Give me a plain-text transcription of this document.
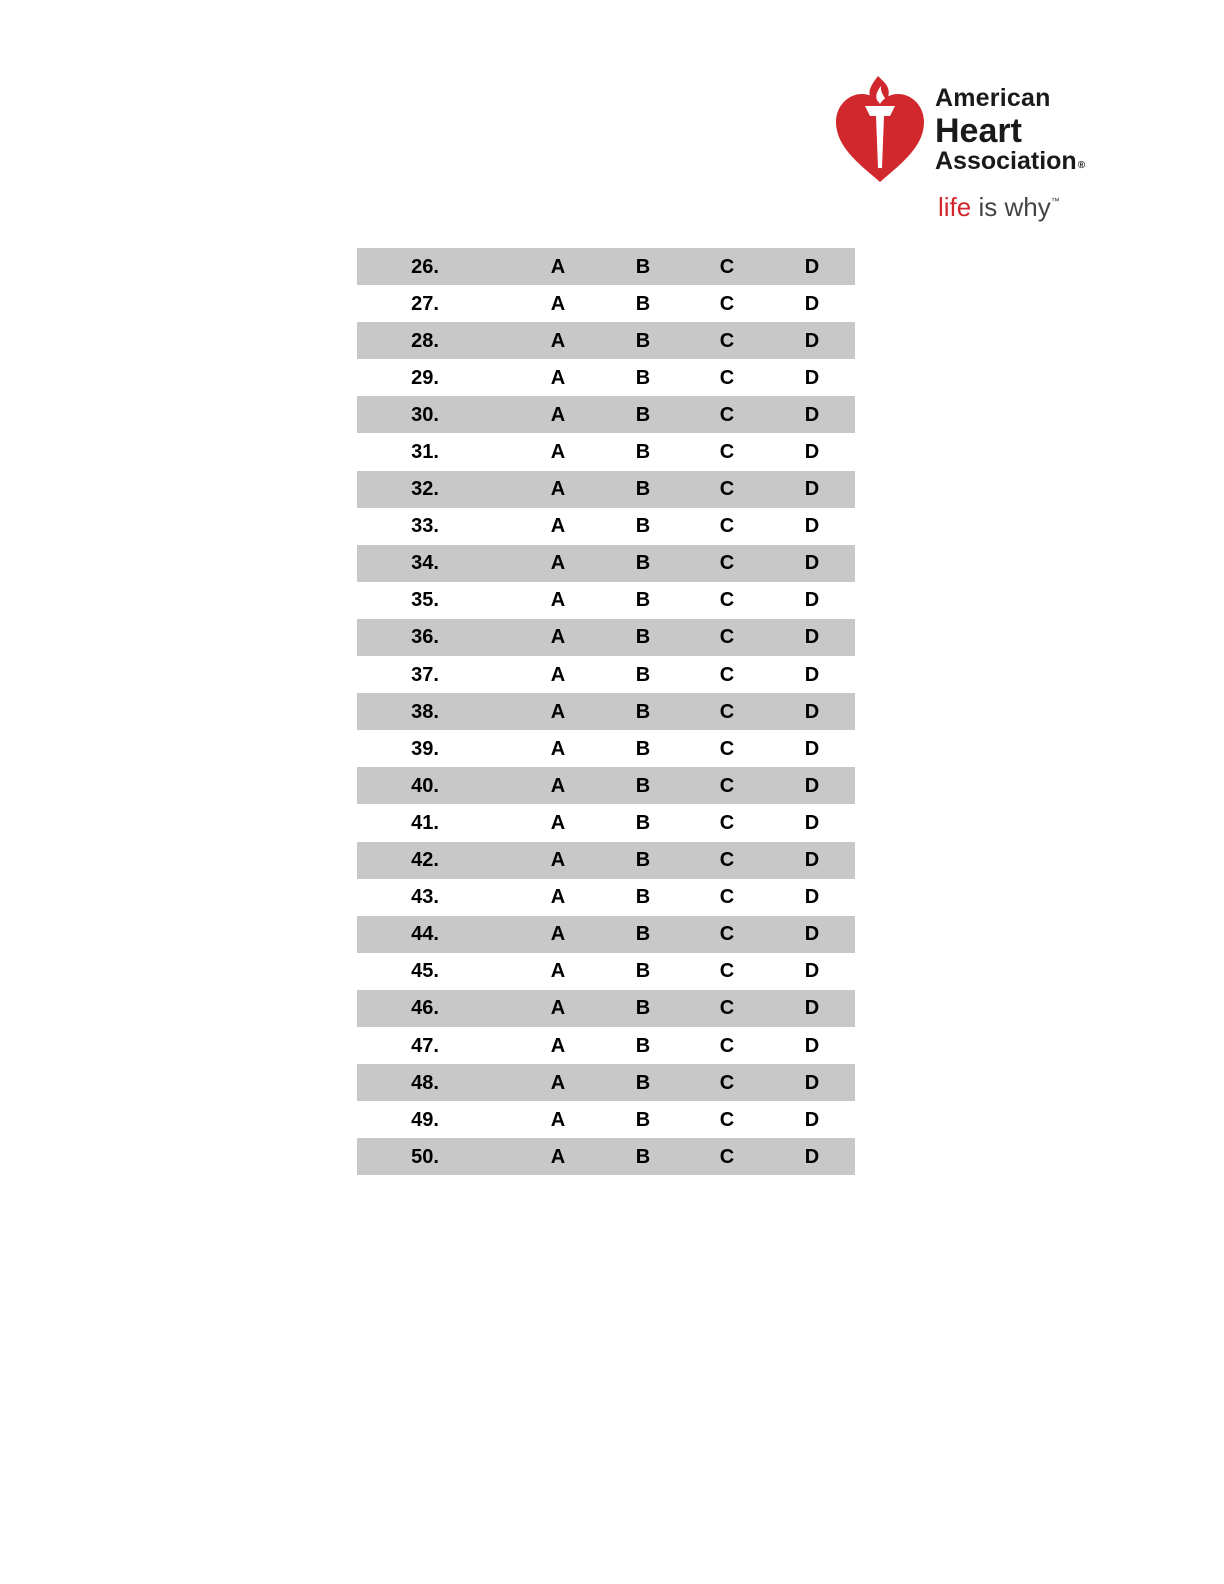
American
Heart
Association®
life is why™
26.	A	B	C	D
27.	A	B	C	D
28.	A	B	C	D
29.	A	B	C	D
30.	A	B	C	D
31.	A	B	C	D
32.	A	B	C	D
33.	A	B	C	D
34.	A	B	C	D
35.	A	B	C	D
36.	A	B	C	D
37.	A	B	C	D
38.	A	B	C	D
39.	A	B	C	D
40.	A	B	C	D
41.	A	B	C	D
42.	A	B	C	D
43.	A	B	C	D
44.	A	B	C	D
45.	A	B	C	D
46.	A	B	C	D
47.	A	B	C	D
48.	A	B	C	D
49.	A	B	C	D
50.	A	B	C	D
